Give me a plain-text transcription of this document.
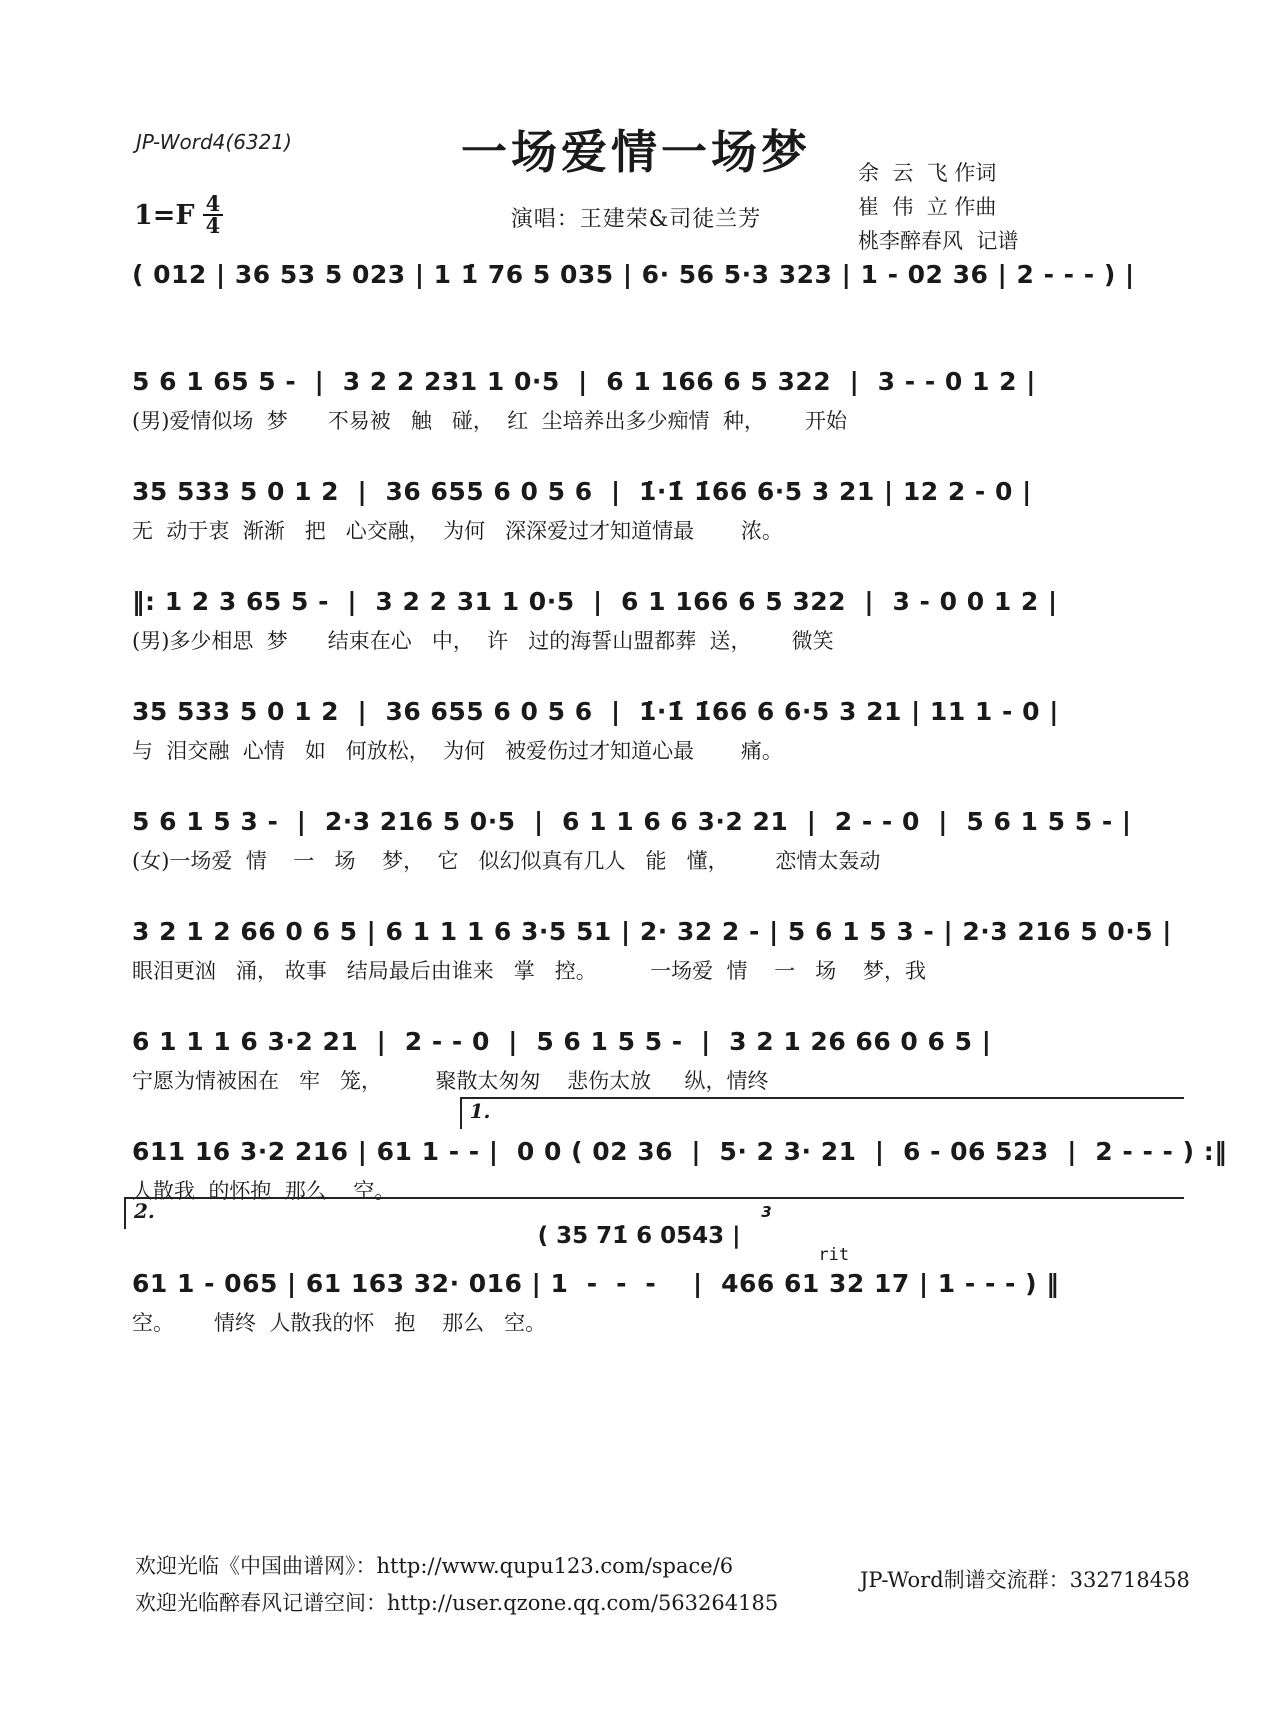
JP-Word4(6321)	一场爱情一场梦	余  云  飞 作词
崔  伟  立 作曲
桃李醉春风  记谱
演唱：王建荣&司徒兰芳
$1=F \frac{4}{4}$
( 012 | 36 53 5 023 | 1 1̇ 76 5 035 | 6· 56 5·3 323 | 1 - 02 36 | 2 - - - ) |
5 6 1 65 5 -  |  3 2 2 231 1 0·5  |  6 1 166 6 5 322  |  3 - - 0 1 2 |
(男)爱情似场  梦      不易被   触   碰，  红  尘培养出多少痴情  种，      开始
35 533 5 0 1 2  |  36 655 6 0 5 6  |  1̇·1̇ 1̇66 6·5 3 21 | 12 2 - 0 |
无  动于衷  渐渐   把   心交融，  为何   深深爱过才知道情最       浓。
‖: 1 2 3 65 5 -  |  3 2 2 31 1 0·5  |  6 1 166 6 5 322  |  3 - 0 0 1 2 |
(男)多少相思  梦      结束在心   中，  许   过的海誓山盟都葬  送，      微笑
35 533 5 0 1 2  |  36 655 6 0 5 6  |  1̇·1̇ 1̇66 6 6·5 3 21 | 11 1 - 0 |
与  泪交融  心情   如   何放松，  为何   被爱伤过才知道心最       痛。
5 6 1 5 3 -  |  2·3 216 5 0·5  |  6 1 1 6 6 3·2 21  |  2 - - 0  |  5 6 1 5 5 - |
(女)一场爱  情    一   场    梦，  它   似幻似真有几人   能   懂，       恋情太轰动
3 2 1 2 66 0 6 5 | 6 1 1 1 6 3·5 51 | 2· 32 2 - | 5 6 1 5 3 - | 2·3 216 5 0·5 |
眼泪更汹   涌， 故事   结局最后由谁来   掌   控。        一场爱  情    一   场    梦，我
6 1 1 1 6 3·2 21  |  2 - - 0  |  5 6 1 5 5 -  |  3 2 1 26 66 0 6 5 |
宁愿为情被困在   牢   笼，        聚散太匆匆    悲伤太放     纵，情终
1.
611 16 3·2 216 | 61 1 - - |  0 0 ( 02 36  |  5· 2 3· 21  |  6 - 06 523  |  2 - - - ) :‖
人散我  的怀抱  那么    空。
2.
( 35 71̇ 6 0543 |
3
rit
61 1 - 065 | 61 163 32· 016 | 1  -  -  -    |  466 61 32 17 | 1 - - - ) ‖
空。      情终  人散我的怀   抱    那么   空。
欢迎光临《中国曲谱网》：http://www.qupu123.com/space/6
欢迎光临醉春风记谱空间：http://user.qzone.qq.com/563264185
JP-Word制谱交流群：332718458
